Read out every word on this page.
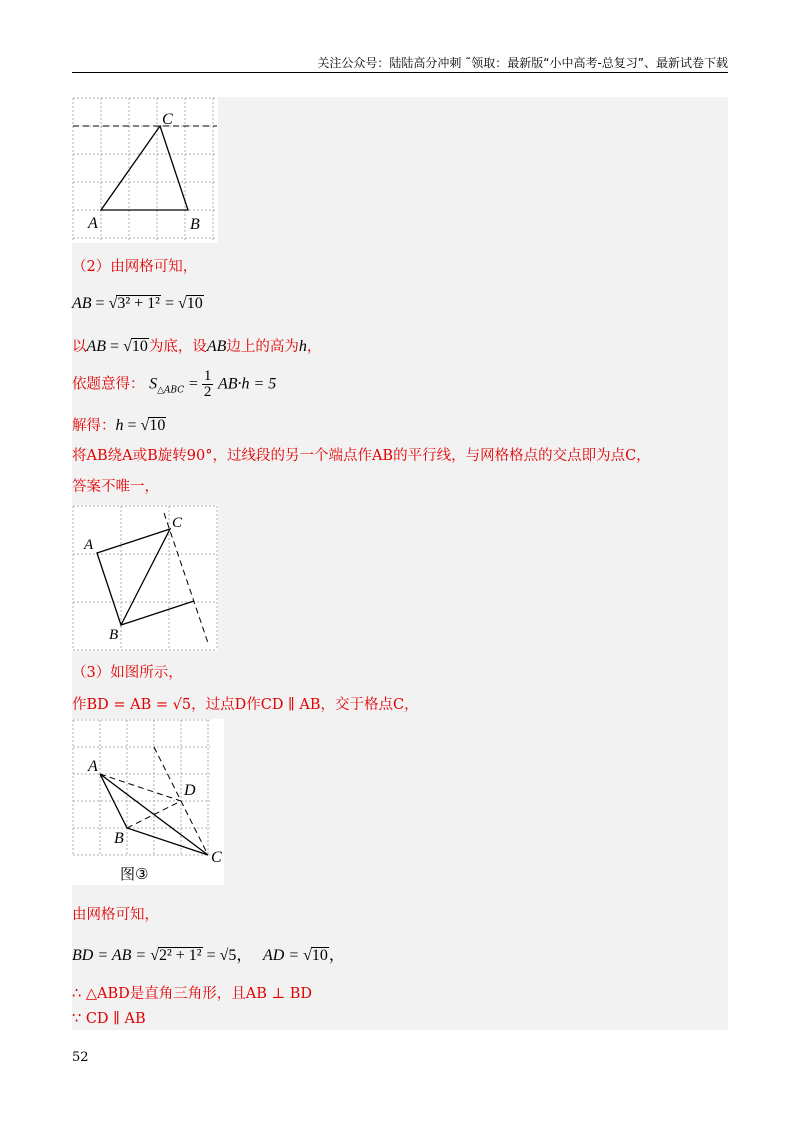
关注公众号：陆陆高分冲刺 ˜领取：最新版“小中高考-总复习”、最新试卷下载
C
A	B
（2）由网格可知，
AB = √3² + 1² = √10
以AB = √10为底，设AB边上的高为h，
依题意得： $S_{\triangle ABC} = \frac{1}{2} AB\cdot h = 5$
解得：h = √10
将AB绕A或B旋转90°，过线段的另一个端点作AB的平行线，与网格格点的交点即为点C，
答案不唯一，
C
A
B
（3）如图所示，
作BD = AB = √5，过点D作CD ∥ AB，交于格点C，
A
D
B
C
图③
由网格可知，
BD = AB = √2² + 1² = √5， AD = √10，
∴ △ABD是直角三角形，且AB ⊥ BD
∵ CD ∥ AB
52
